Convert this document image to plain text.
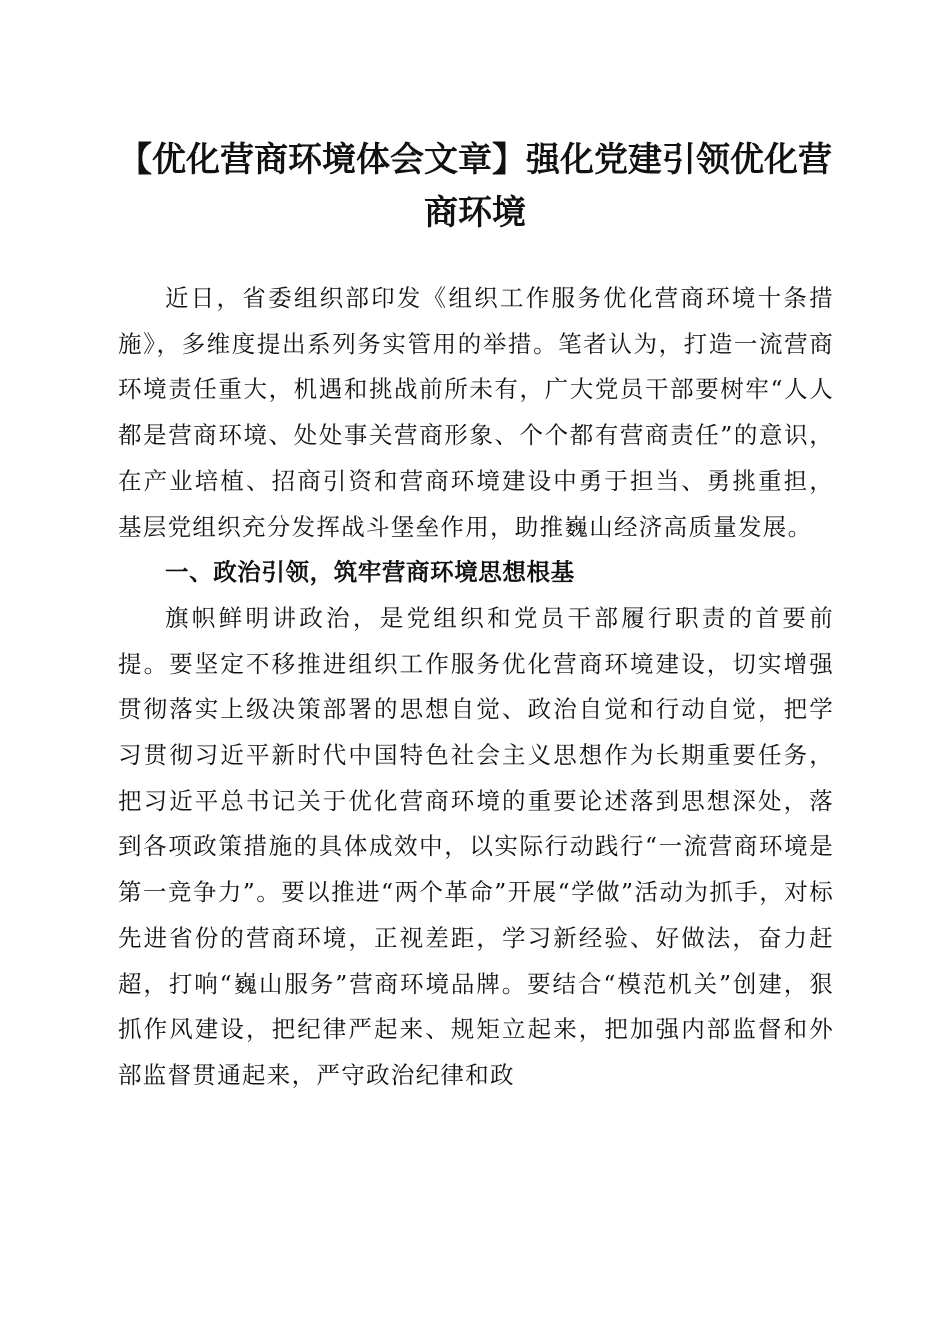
【优化营商环境体会文章】强化党建引领优化营商环境

近日，省委组织部印发《组织工作服务优化营商环境十条措施》，多维度提出系列务实管用的举措。笔者认为，打造一流营商环境责任重大，机遇和挑战前所未有，广大党员干部要树牢“人人都是营商环境、处处事关营商形象、个个都有营商责任”的意识，在产业培植、招商引资和营商环境建设中勇于担当、勇挑重担，基层党组织充分发挥战斗堡垒作用，助推巍山经济高质量发展。

一、政治引领，筑牢营商环境思想根基

旗帜鲜明讲政治，是党组织和党员干部履行职责的首要前提。要坚定不移推进组织工作服务优化营商环境建设，切实增强贯彻落实上级决策部署的思想自觉、政治自觉和行动自觉，把学习贯彻习近平新时代中国特色社会主义思想作为长期重要任务，把习近平总书记关于优化营商环境的重要论述落到思想深处，落到各项政策措施的具体成效中，以实际行动践行“一流营商环境是第一竞争力”。要以推进“两个革命”开展“学做”活动为抓手，对标先进省份的营商环境，正视差距，学习新经验、好做法，奋力赶超，打响“巍山服务”营商环境品牌。要结合“模范机关”创建，狠抓作风建设，把纪律严起来、规矩立起来，把加强内部监督和外部监督贯通起来，严守政治纪律和政
